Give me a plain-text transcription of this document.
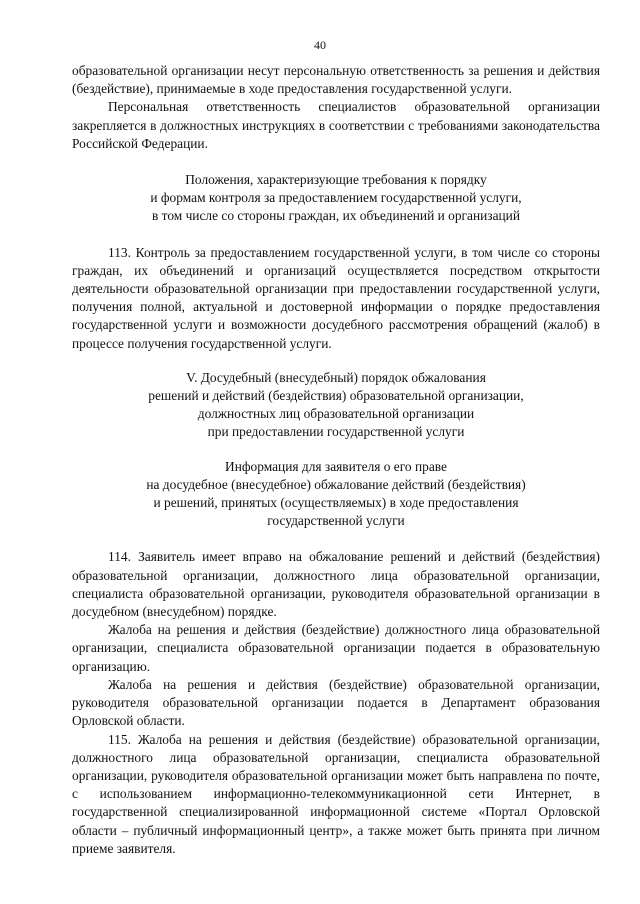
40

образовательной организации несут персональную ответственность за решения и действия (бездействие), принимаемые в ходе предоставления государственной услуги.

Персональная ответственность специалистов образовательной организации закрепляется в должностных инструкциях в соответствии с требованиями законодательства Российской Федерации.

Положения, характеризующие требования к порядку

и формам контроля за предоставлением государственной услуги,

в том числе со стороны граждан, их объединений и организаций

113. Контроль за предоставлением государственной услуги, в том числе со стороны граждан, их объединений и организаций осуществляется посредством открытости деятельности образовательной организации при предоставлении государственной услуги, получения полной, актуальной и достоверной информации о порядке предоставления государственной услуги и возможности досудебного рассмотрения обращений (жалоб) в процессе получения государственной услуги.

V. Досудебный (внесудебный) порядок обжалования

решений и действий (бездействия) образовательной организации,

должностных лиц образовательной организации

при предоставлении государственной услуги

Информация для заявителя о его праве

на досудебное (внесудебное) обжалование действий (бездействия)

и решений, принятых (осуществляемых) в ходе предоставления

государственной услуги

114. Заявитель имеет вправо на обжалование решений и действий (бездействия) образовательной организации, должностного лица образовательной организации, специалиста образовательной организации, руководителя образовательной организации в досудебном (внесудебном) порядке.

Жалоба на решения и действия (бездействие) должностного лица образовательной организации, специалиста образовательной организации подается в образовательную организацию.

Жалоба на решения и действия (бездействие) образовательной организации, руководителя образовательной организации подается в Департамент образования Орловской области.

115. Жалоба на решения и действия (бездействие) образовательной организации, должностного лица образовательной организации, специалиста образовательной организации, руководителя образовательной организации может быть направлена по почте, с использованием информационно-телекоммуникационной сети Интернет, в государственной специализированной информационной системе «Портал Орловской области – публичный информационный центр», а также может быть принята при личном приеме заявителя.
